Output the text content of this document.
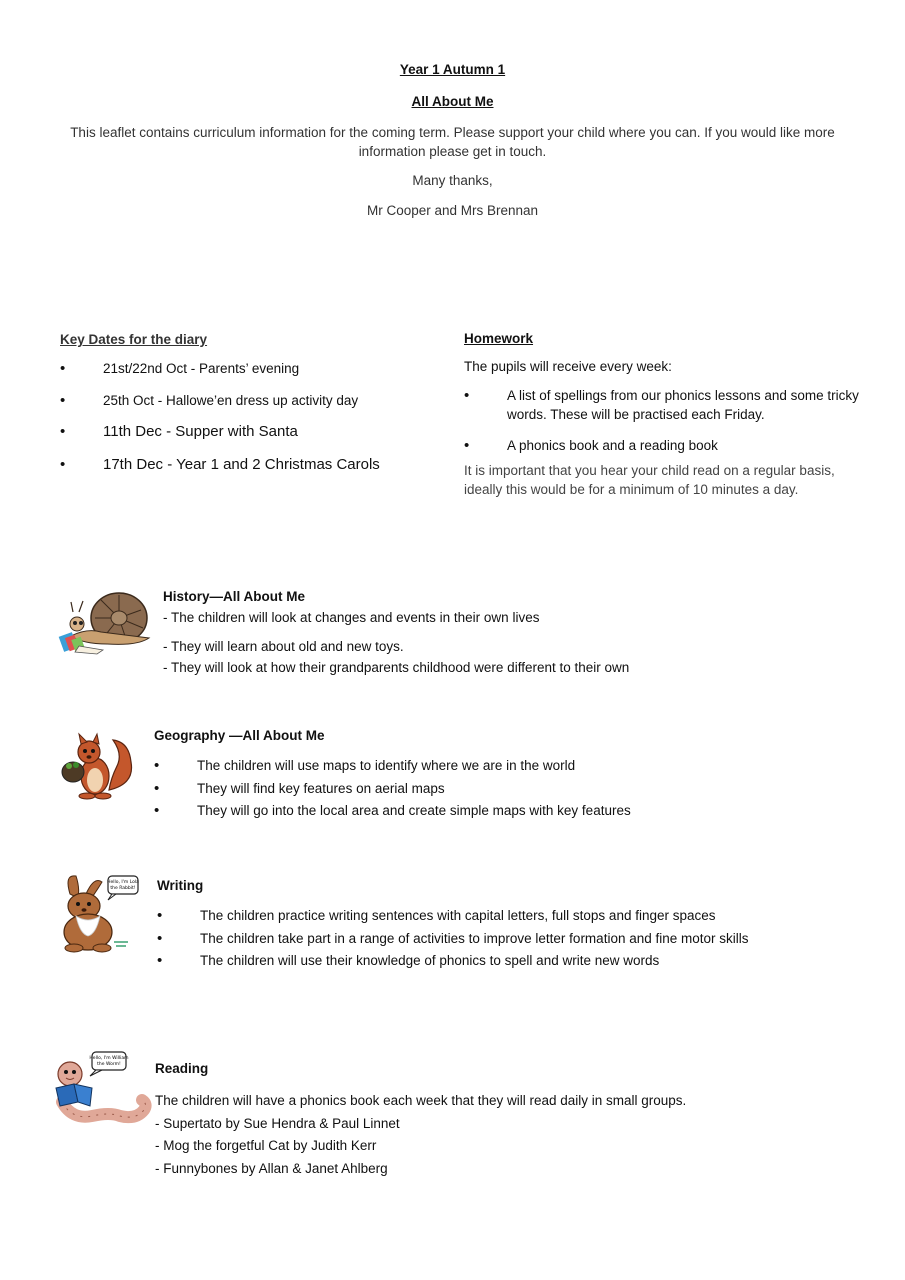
Year 1 Autumn 1
All About Me
This leaflet contains curriculum information for the coming term. Please support your child where you can. If you would like more information please get in touch.
Many thanks,
Mr Cooper and Mrs Brennan
Key Dates for the diary
• 21st/22nd Oct - Parents’ evening
• 25th Oct - Hallowe’en dress up activity day
• 11th Dec - Supper with Santa
• 17th Dec - Year 1 and 2 Christmas Carols
Homework
The pupils will receive every week:
• A list of spellings from our phonics lessons and some tricky words. These will be practised each Friday.
• A phonics book and a reading book
It is important that you hear your child read on a regular basis, ideally this would be for a minimum of 10 minutes a day.
History—All About Me
- The children will look at changes and events in their own lives
- They will learn about old and new toys.
- They will look at how their grandparents childhood were different to their own
Geography —All About Me
• The children will use maps to identify where we are in the world
• They will find key features on aerial maps
• They will go into the local area and create simple maps with key features
Hello, I'm Lola
the Rabbit! Writing
• The children practice writing sentences with capital letters, full stops and finger spaces
• The children take part in a range of activities to improve letter formation and fine motor skills
• The children will use their knowledge of phonics to spell and write new words
Hello, I'm William
the Worm!	Reading
The children will have a phonics book each week that they will read daily in small groups.
- Supertato by Sue Hendra & Paul Linnet
- Mog the forgetful Cat by Judith Kerr
- Funnybones by Allan & Janet Ahlberg
